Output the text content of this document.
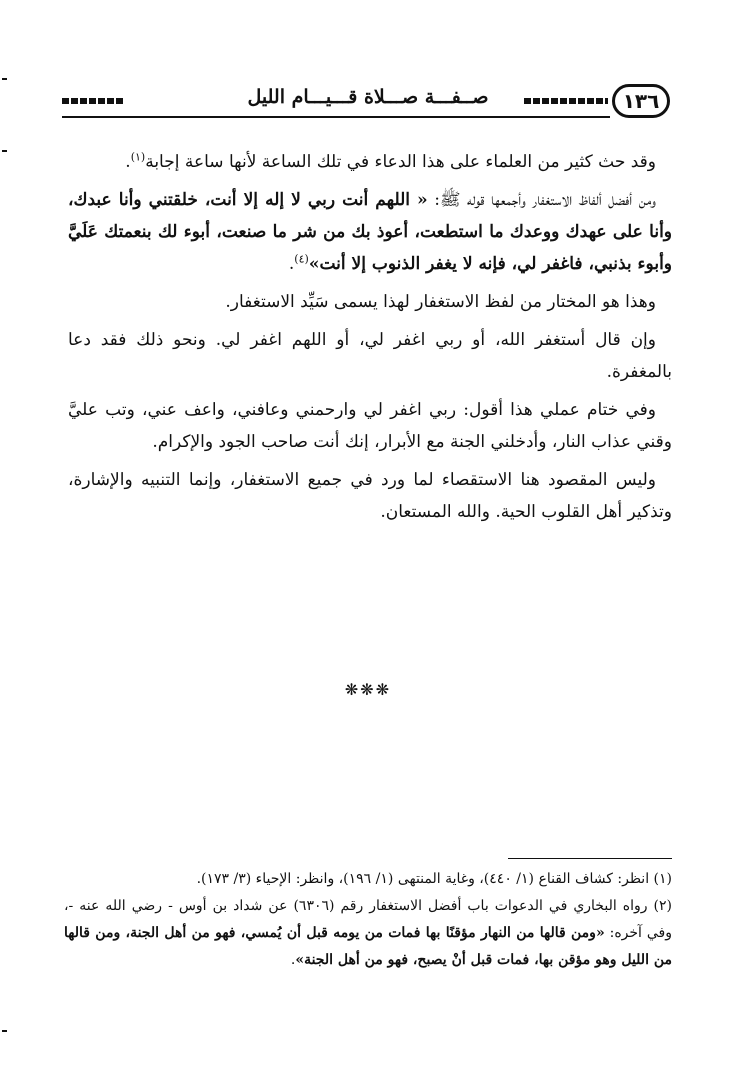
١٣٦
صــفـــة صـــلاة قـــيـــام الليل

وقد حث كثير من العلماء على هذا الدعاء في تلك الساعة لأنها ساعة إجابة$^{(١)}$.

ومن أفضل ألفاظ الاستغفار وأجمعها قوله ﷺ: « اللهم أنت ربي لا إله إلا أنت، خلقتني وأنا عبدك، وأنا على عهدك ووعدك ما استطعت، أعوذ بك من شر ما صنعت، أبوء لك بنعمتك عَلَيَّ وأبوء بذنبي، فاغفر لي، فإنه لا يغفر الذنوب إلا أنت»$^{(٤)}$.

وهذا هو المختار من لفظ الاستغفار لهذا يسمى سَيِّد الاستغفار.

وإن قال أستغفر الله، أو ربي اغفر لي، أو اللهم اغفر لي. ونحو ذلك فقد دعا بالمغفرة.

وفي ختام عملي هذا أقول: ربي اغفر لي وارحمني وعافني، واعف عني، وتب عليَّ وقني عذاب النار، وأدخلني الجنة مع الأبرار، إنك أنت صاحب الجود والإكرام.

وليس المقصود هنا الاستقصاء لما ورد في جميع الاستغفار، وإنما التنبيه والإشارة، وتذكير أهل القلوب الحية. والله المستعان.

❋❋❋

(١) انظر: كشاف القناع (١/ ٤٤٠)، وغاية المنتهى (١/ ١٩٦)، وانظر: الإحياء (٣/ ١٧٣).

(٢) رواه البخاري في الدعوات باب أفضل الاستغفار رقم (٦٣٠٦) عن شداد بن أوس - رضي الله عنه -، وفي آخره: «ومن قالها من النهار مؤقنًا بها فمات من يومه قبل أن يُمسي، فهو من أهل الجنة، ومن قالها من الليل وهو مؤقن بها، فمات قبل أنْ يصبح، فهو من أهل الجنة».
